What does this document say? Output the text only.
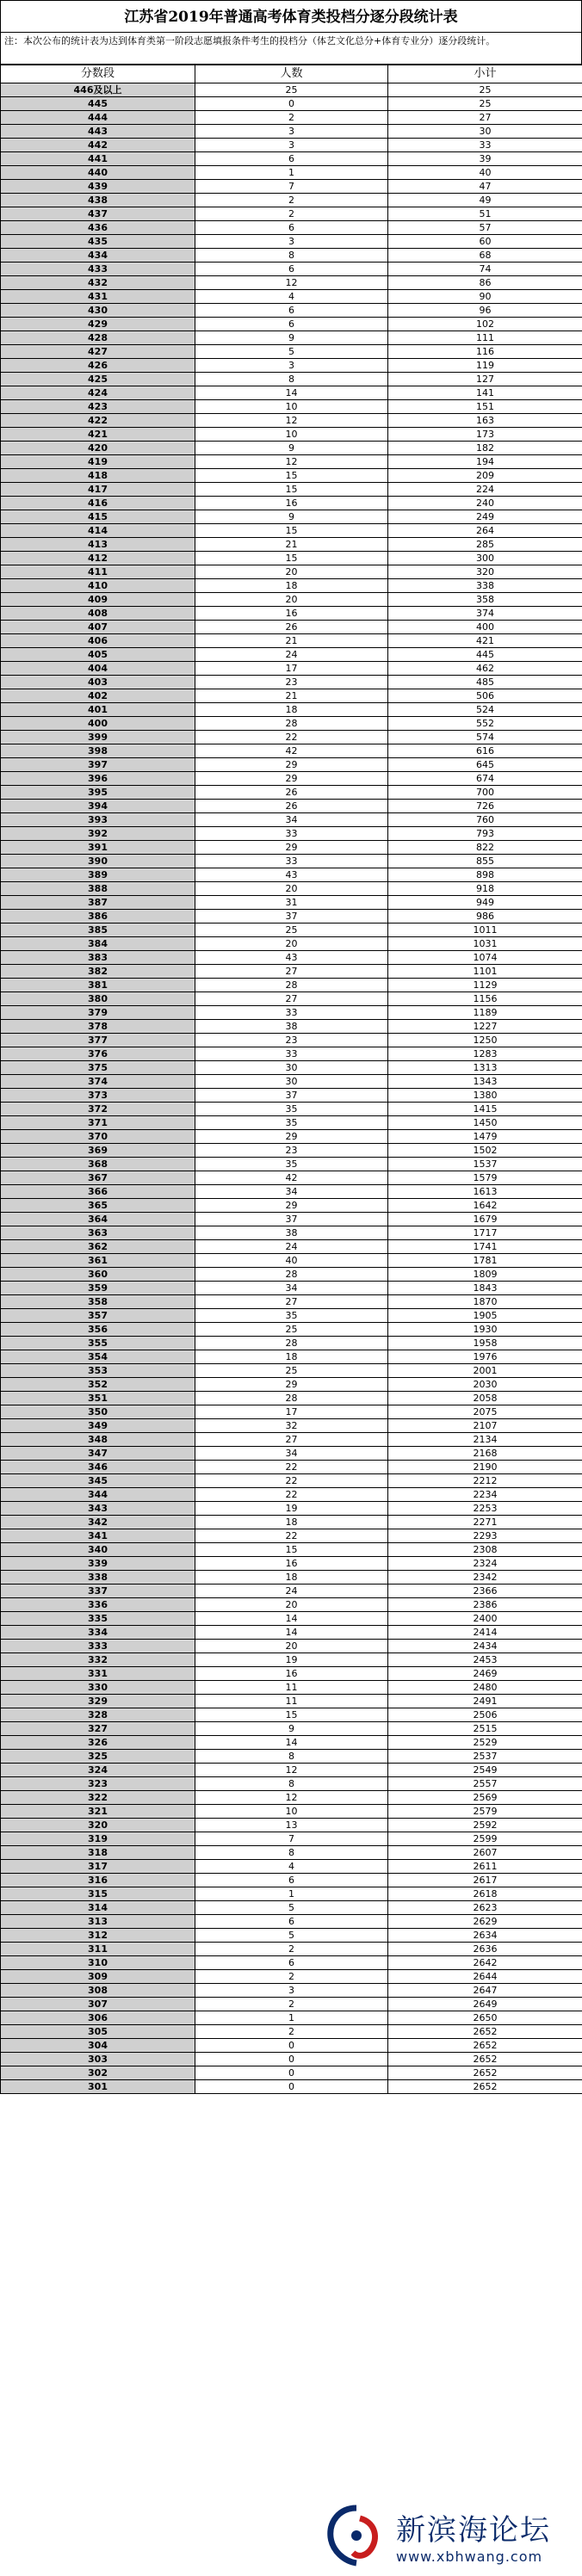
江苏省2019年普通高考体育类投档分逐分段统计表
注：本次公布的统计表为达到体育类第一阶段志愿填报条件考生的投档分（体艺文化总分+体育专业分）逐分段统计。
分数段	人数	小计
446及以上	25	25
445	0	25
444	2	27
443	3	30
442	3	33
441	6	39
440	1	40
439	7	47
438	2	49
437	2	51
436	6	57
435	3	60
434	8	68
433	6	74
432	12	86
431	4	90
430	6	96
429	6	102
428	9	111
427	5	116
426	3	119
425	8	127
424	14	141
423	10	151
422	12	163
421	10	173
420	9	182
419	12	194
418	15	209
417	15	224
416	16	240
415	9	249
414	15	264
413	21	285
412	15	300
411	20	320
410	18	338
409	20	358
408	16	374
407	26	400
406	21	421
405	24	445
404	17	462
403	23	485
402	21	506
401	18	524
400	28	552
399	22	574
398	42	616
397	29	645
396	29	674
395	26	700
394	26	726
393	34	760
392	33	793
391	29	822
390	33	855
389	43	898
388	20	918
387	31	949
386	37	986
385	25	1011
384	20	1031
383	43	1074
382	27	1101
381	28	1129
380	27	1156
379	33	1189
378	38	1227
377	23	1250
376	33	1283
375	30	1313
374	30	1343
373	37	1380
372	35	1415
371	35	1450
370	29	1479
369	23	1502
368	35	1537
367	42	1579
366	34	1613
365	29	1642
364	37	1679
363	38	1717
362	24	1741
361	40	1781
360	28	1809
359	34	1843
358	27	1870
357	35	1905
356	25	1930
355	28	1958
354	18	1976
353	25	2001
352	29	2030
351	28	2058
350	17	2075
349	32	2107
348	27	2134
347	34	2168
346	22	2190
345	22	2212
344	22	2234
343	19	2253
342	18	2271
341	22	2293
340	15	2308
339	16	2324
338	18	2342
337	24	2366
336	20	2386
335	14	2400
334	14	2414
333	20	2434
332	19	2453
331	16	2469
330	11	2480
329	11	2491
328	15	2506
327	9	2515
326	14	2529
325	8	2537
324	12	2549
323	8	2557
322	12	2569
321	10	2579
320	13	2592
319	7	2599
318	8	2607
317	4	2611
316	6	2617
315	1	2618
314	5	2623
313	6	2629
312	5	2634
311	2	2636
310	6	2642
309	2	2644
308	3	2647
307	2	2649
306	1	2650
305	2	2652
304	0	2652
303	0	2652
302	0	2652
301	0	2652
新滨海论坛
www.xbhwang.com
